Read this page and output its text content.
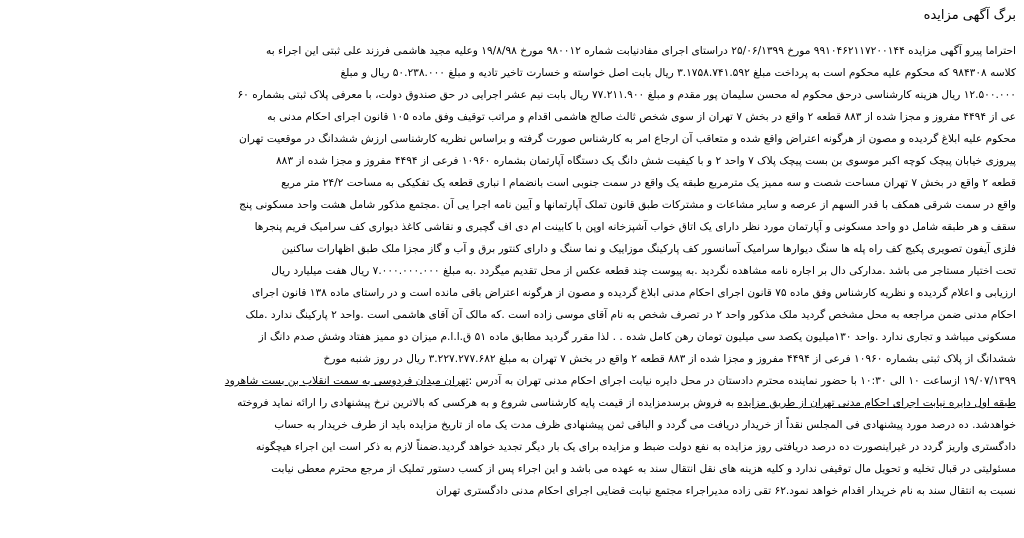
برگ آگهی مزایده
احتراما پیرو آگهی مزایده ۹۹۱۰۴۶۲۱۱۷۲۰۰۱۴۴ مورخ ۲۵/۰۶/۱۳۹۹ دراستای اجرای مفادنیابت شماره ۹۸۰۰۱۲ مورخ ۱۹/۸/۹۸ وعلیه مجید هاشمی فرزند علی ثبتی این اجراء به
کلاسه ۹۸۴۳۰۸ که محکوم علیه محکوم است به پرداخت مبلغ ۳.۱۷۵۸.۷۴۱.۵۹۲ ریال بابت اصل خواسته و خسارت تاخیر تادیه و مبلغ ۵۰.۲۳۸.۰۰۰ ریال و مبلغ
۱۲.۵۰۰.۰۰۰ ریال هزینه کارشناسی درحق محکوم له محسن سلیمان پور مقدم و مبلغ ۷۷.۲۱۱.۹۰۰ ریال بابت نیم عشر اجرایی در حق صندوق دولت، با معرفی پلاک ثبتی بشماره ۶۰
عی از ۴۴۹۴ مفروز و مجزا شده از ۸۸۳ قطعه ۲ واقع در بخش ۷ تهران از سوی شخص ثالث صالح هاشمی اقدام و مراتب توقیف وفق ماده ۱۰۵ قانون اجرای احکام مدنی به
محکوم علیه ابلاغ گردیده و مصون از هرگونه اعتراض واقع شده و متعاقب آن ارجاع امر به کارشناس صورت گرفته و براساس نظریه کارشناسی ارزش ششدانگ در موقعیت تهران
پیروزی خیابان پیچک کوچه اکبر موسوی بن بست پیچک پلاک ۷ واحد ۲ و با کیفیت شش دانگ یک دستگاه آپارتمان بشماره ۱۰۹۶۰ فرعی از ۴۴۹۴ مفروز و مجزا شده از ۸۸۳
قطعه ۲ واقع در بخش ۷ تهران مساحت شصت و سه ممیز یک مترمربع طبقه یک واقع در سمت جنوبی است بانضمام ا نباری قطعه یک تفکیکی به مساحت ۲۴/۲ متر مربع
واقع در سمت شرقی همکف با قدر السهم از عرصه و سایر مشاعات و مشترکات طبق قانون تملک آپارتمانها و آیین نامه اجرا یی آن .مجتمع مذکور شامل هشت واحد مسکونی پنج
سقف و هر طبقه شامل دو واحد مسکونی و آپارتمان مورد نظر دارای یک اتاق خواب آشپزخانه اوپن با کابینت ام دی اف گچبری و نقاشی کاغذ دیواری کف سرامیک فریم پنجرها
فلزی آیفون تصویری پکیج کف راه پله ها سنگ دیوارها سرامیک آسانسور کف پارکینگ موزاییک و نما سنگ و دارای کنتور برق و آب و گاز مجزا ملک طبق اظهارات ساکنین
تحت اختیار مستاجر می باشد .مدارکی دال بر اجاره نامه مشاهده نگردید .به پیوست چند قطعه عکس از محل تقدیم میگردد .به مبلغ ۷.۰۰۰.۰۰۰.۰۰۰ ریال هفت میلیارد ریال
ارزیابی و اعلام گردیده و نظریه کارشناس وفق ماده ۷۵ قانون اجرای احکام مدنی ابلاغ گردیده و مصون از هرگونه اعتراض باقی مانده است و در راستای ماده ۱۳۸ قانون اجرای
احکام مدنی ضمن مراجعه به محل مشخص گردید ملک مذکور واحد ۲ در تصرف شخص به نام آقای موسی زاده است .که مالک آن آقای هاشمی است .واحد ۲ پارکینگ ندارد .ملک
مسکونی میباشد و تجاری ندارد .واحد ۱۳۰میلیون یکصد سی میلیون تومان رهن کامل شده . . لذا مقرر گردید مطابق ماده ۵۱ ق.ا.ا.م میزان دو ممیز هفتاد وشش صدم دانگ از
ششدانگ از پلاک ثبتی بشماره ۱۰۹۶۰ فرعی از ۴۴۹۴ مفروز و مجزا شده از ۸۸۳ قطعه ۲ واقع در بخش ۷ تهران به مبلغ ۳.۲۲۷.۲۷۷.۶۸۲ ریال در روز شنبه مورخ
۱۹/۰۷/۱۳۹۹ ازساعت ۱۰ الی ۱۰:۳۰ با حضور نماینده محترم دادستان در محل دایره نیابت اجرای احکام مدنی تهران به آدرس :تهران میدان فردوسی به سمت انقلاب بن بست شاهرود
طبقه اول دایره نیابت اجرای احکام مدنی تهران از طریق مزایده به فروش برسدمزایده از قیمت پایه کارشناسی شروع و به هرکسی که بالاترین نرخ پیشنهادی را ارائه نماید فروخته
خواهدشد. ده درصد مورد پیشنهادی فی المجلس نقداً از خریدار دریافت می گردد و الباقی ثمن پیشنهادی ظرف مدت یک ماه از تاریخ مزایده باید از طرف خریدار به حساب
دادگستری واریز گردد در غیراینصورت ده درصد دریافتی روز مزایده به نفع دولت ضبط و مزایده برای یک بار دیگر تجدید خواهد گردید.ضمناً لازم به ذکر است این اجراء هیچگونه
مسئولیتی در قبال تخلیه و تحویل مال توقیفی ندارد و کلیه هزینه های نقل انتقال سند به عهده می باشد و این اجراء پس از کسب دستور تملیک از مرجع محترم معطی نیابت
نسبت به انتقال سند به نام خریدار اقدام خواهد نمود.۶۲ تقی زاده مدیراجراء مجتمع نیابت قضایی اجرای احکام مدنی دادگستری تهران
